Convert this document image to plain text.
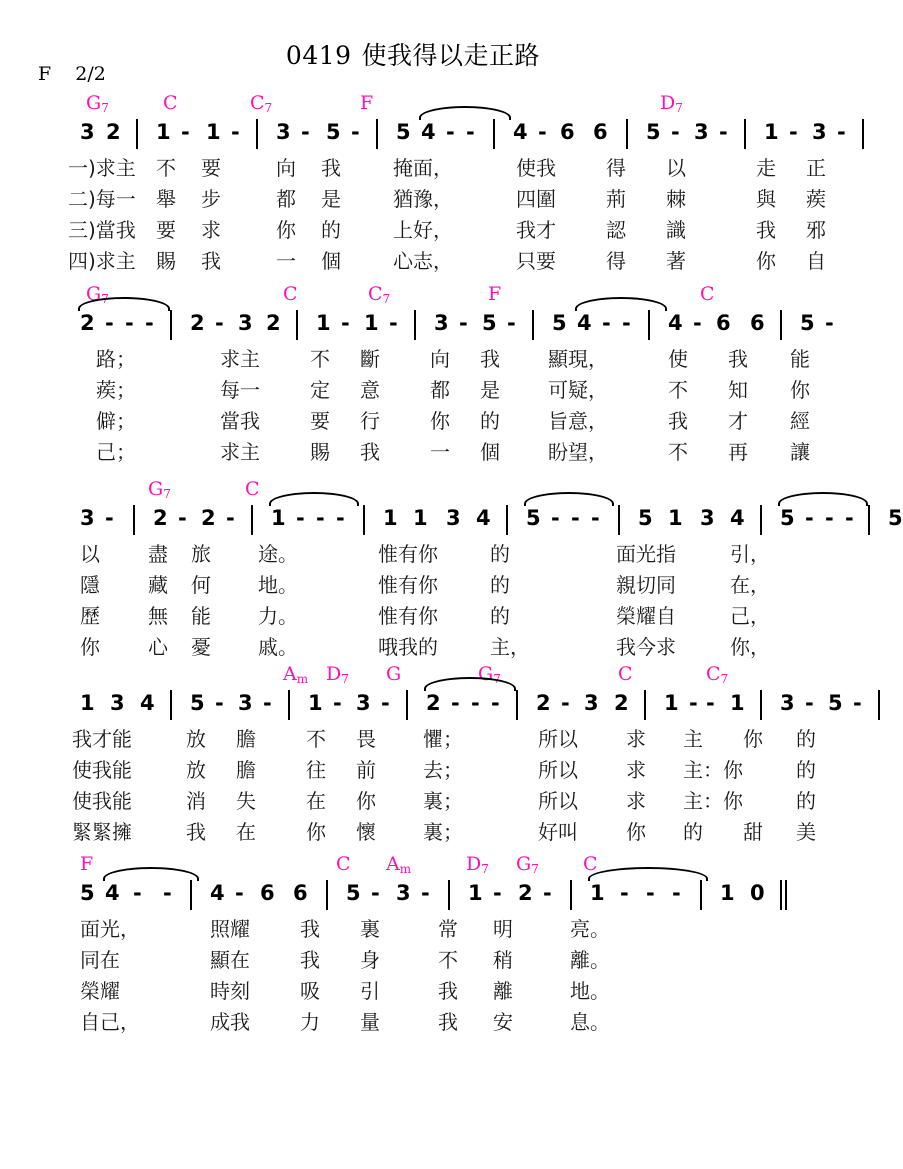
0419 使我得以走正路
F 2/2
$G_7$	C	$C_7$	F	$D_7$
3 2 1 - 1 - 3 - 5 - 5 4 - - 4 - 6 6 5 - 3 - 1 - 3 -
一)求主 不 要	向 我	掩面，	使我	得 以	走 正
二)每一 舉 步	都 是	猶豫，	四圍	荊 棘	與 蒺
三)當我 要 求	你 的	上好，	我才	認 識	我 邪
四)求主 賜 我	一 個	心志，	只要	得 著	你 自
$G_7$	C	$C_7$	F	C
2 - - - 2 - 3 2 1 - 1 - 3 - 5 - 5 4 - - 4 - 6 6 5 -
路；	求主	不 斷	向 我 顯現，	使 我 能
蒺；	每一	定 意	都 是 可疑，	不 知 你
僻；	當我	要 行	你 的 旨意，	我 才 經
己；	求主	賜 我	一 個 盼望，	不 再 讓
$G_7$	C
3 - 2 - 2 - 1 - - - 1 1 3 4 5 - - - 5 1 3 4 5 - - - 5
以 盡 旅 途。	惟有你	的	面光指	引，
隱 藏 何 地。	惟有你	的	親切同	在，
歷 無 能 力。	惟有你	的	榮耀自	己，
你 心 憂 戚。	哦我的	主，	我今求	你，
$A_m$ $D_7$ G	$G_7$	C	$C_7$
1 3 4 5 - 3 - 1 - 3 - 2 - - - 2 - 3 2 1 - - 1 3 - 5 -
我才能	放 膽	不 畏 懼；	所以 求 主 你 的
使我能	放 膽	往 前 去；	所以 求 主：你	的
使我能	消 失	在 你 裏；	所以 求 主：你	的
緊緊擁	我 在	你 懷 裏；	好叫 你 的 甜 美
F	C $A_m$	$D_7$ $G_7$ C
5 4 - - 4 - 6 6 5 - 3 - 1 - 2 - 1 - - - 1 0
面光，	照耀	我 裏	常 明	亮。
同在	顯在	我 身	不 稍	離。
榮耀	時刻	吸 引	我 離	地。
自己，	成我	力 量	我 安	息。
